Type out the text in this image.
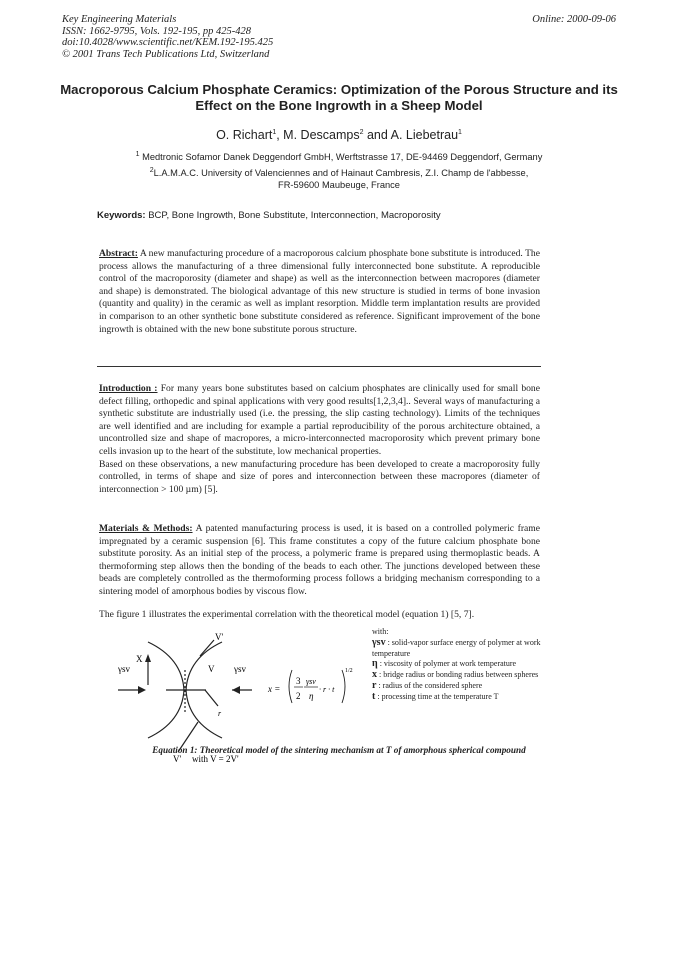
Key Engineering Materials
ISSN: 1662-9795, Vols. 192-195, pp 425-428
doi:10.4028/www.scientific.net/KEM.192-195.425
© 2001 Trans Tech Publications Ltd, Switzerland
Online: 2000-09-06
Macroporous Calcium Phosphate Ceramics: Optimization of the Porous Structure and its Effect on the Bone Ingrowth in a Sheep Model
O. Richart$^1$, M. Descamps$^2$ and A. Liebetrau$^1$
$^1$ Medtronic Sofamor Danek Deggendorf GmbH, Werftstrasse 17, DE-94469 Deggendorf, Germany
$^2$L.A.M.A.C. University of Valenciennes and of Hainaut Cambresis, Z.I. Champ de l'abbesse,
FR-59600 Maubeuge, France
Keywords: BCP, Bone Ingrowth, Bone Substitute, Interconnection, Macroporosity
Abstract: A new manufacturing procedure of a macroporous calcium phosphate bone substitute is introduced. The process allows the manufacturing of a three dimensional fully interconnected bone substitute. A reproducible control of the macroporosity (diameter and shape) as well as the interconnection between macropores (diameter and shape) is demonstrated. The biological advantage of this new structure is studied in terms of bone invasion (quantity and quality) in the ceramic as well as implant resorption. Middle term implantation results are provided in comparison to an other synthetic bone substitute considered as reference. Significant improvement of the bone ingrowth is obtained with the new bone substitute porous structure.
Introduction : For many years bone substitutes based on calcium phosphates are clinically used for small bone defect filling, orthopedic and spinal applications with very good results[1,2,3,4].. Several ways of manufacturing a synthetic substitute are industrially used (i.e. the pressing, the slip casting technology). Limits of the techniques are well identified and are including for example a partial reproducibility of the porous architecture obtained, a uncontrolled size and shape of macropores, a micro-interconnected macroporosity which prevent primary bone cells invasion up to the heart of the substitute, low mechanical properties.
Based on these observations, a new manufacturing procedure has been developed to create a macroporosity fully controlled, in terms of shape and size of pores and interconnection between these macropores (diameter of interconnection > 100 µm) [5].
Materials & Methods: A patented manufacturing process is used, it is based on a controlled polymeric frame impregnated by a ceramic suspension [6]. This frame constitutes a copy of the future calcium phosphate bone substitute porosity. As an initial step of the process, a polymeric frame is prepared using thermoplastic beads. A thermoforming step allows then the bonding of the beads to each other. The junctions developed between these beads are completely controlled as the thermoforming process follows a bridging mechanism corresponding to a sintering model of amorphous bodies by viscous flow.
The figure 1 illustrates the experimental correlation with the theoretical model (equation 1) [5, 7].
V'
V'
V
X
r
γsv	γsv
with V = 2V'
x =
3
2
γsv
η
· r · t
1/2
with:
γsv : solid-vapor surface energy of polymer at work temperature
η : viscosity of polymer at work temperature
x : bridge radius or bonding radius between spheres
r : radius of the considered sphere
t : processing time at the temperature T
Equation 1: Theoretical model of the sintering mechanism at T of amorphous spherical compound
